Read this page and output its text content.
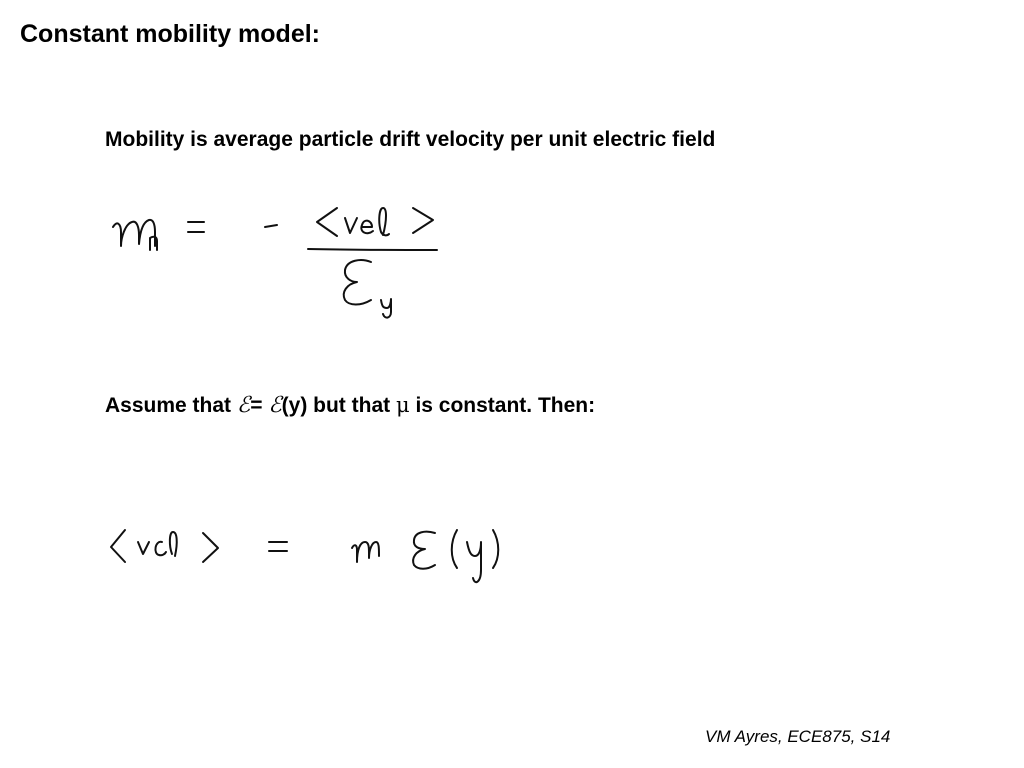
Constant mobility model:

Mobility is average particle drift velocity per unit electric field

Assume that ℰ= ℰ(y) but that μ is constant. Then:

VM Ayres, ECE875, S14
